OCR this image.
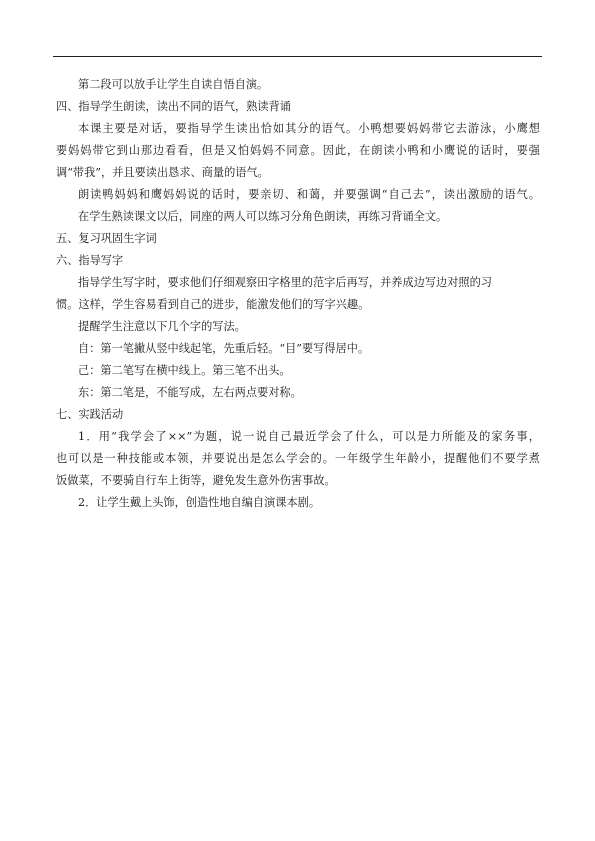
第二段可以放手让学生自读自悟自演。

四、指导学生朗读，读出不同的语气，熟读背诵

本课主要是对话，要指导学生读出恰如其分的语气。小鸭想要妈妈带它去游泳，小鹰想

要妈妈带它到山那边看看，但是又怕妈妈不同意。因此，在朗读小鸭和小鹰说的话时，要强

调“带我”，并且要读出恳求、商量的语气。

朗读鸭妈妈和鹰妈妈说的话时，要亲切、和蔼，并要强调“自己去”，读出激励的语气。

在学生熟读课文以后，同座的两人可以练习分角色朗读，再练习背诵全文。

五、复习巩固生字词

六、指导写字

指导学生写字时，要求他们仔细观察田字格里的范字后再写，并养成边写边对照的习

惯。这样，学生容易看到自己的进步，能激发他们的写字兴趣。

提醒学生注意以下几个字的写法。

自：第一笔撇从竖中线起笔，先重后轻。“目”要写得居中。

己：第二笔写在横中线上。第三笔不出头。

东：第二笔是，不能写成，左右两点要对称。

七、实践活动

1．用“我学会了××”为题，说一说自己最近学会了什么，可以是力所能及的家务事，

也可以是一种技能或本领，并要说出是怎么学会的。一年级学生年龄小，提醒他们不要学煮

饭做菜，不要骑自行车上街等，避免发生意外伤害事故。

2．让学生戴上头饰，创造性地自编自演课本剧。
